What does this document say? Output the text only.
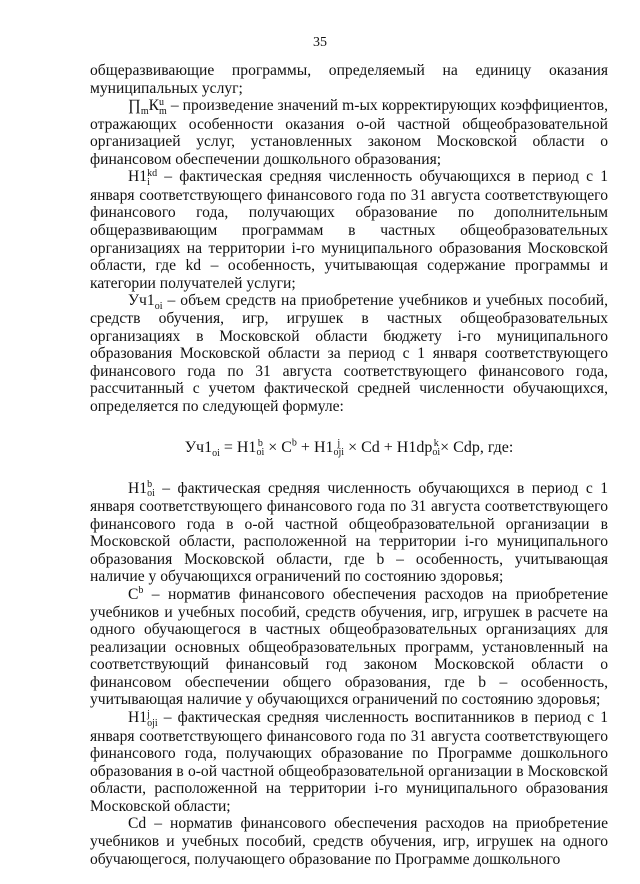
35

общеразвивающие программы, определяемый на единицу оказания муниципальных услуг;

$\prod_mК$ u
m – произведение значений m-ых корректирующих коэффициентов, отражающих особенности оказания о-ой частной общеобразовательной организацией услуг, установленных законом Московской области о финансовом обеспечении дошкольного образования;

Н1 kd
i – фактическая средняя численность обучающихся в период с 1 января соответствующего финансового года по 31 августа соответствующего финансового года, получающих образование по дополнительным общеразвивающим программам в частных общеобразовательных организациях на территории i-го муниципального образования Московской области, где kd – особенность, учитывающая содержание программы и категории получателей услуги;

$Уч1_{oi}$ – объем средств на приобретение учебников и учебных пособий, средств обучения, игр, игрушек в частных общеобразовательных организациях в Московской области бюджету i-го муниципального образования Московской области за период с 1 января соответствующего финансового года по 31 августа соответствующего финансового года, рассчитанный с учетом фактической средней численности обучающихся, определяется по следующей формуле:

$Уч1_{oi} = Н1$ b
oi × $C^b + Н1$ j
oji × Cd + Н1dp k
oi × Cdp, где:

Н1 b
oi – фактическая средняя численность обучающихся в период с 1 января соответствующего финансового года по 31 августа соответствующего финансового года в о-ой частной общеобразовательной организации в Московской области, расположенной на территории i-го муниципального образования Московской области, где b – особенность, учитывающая наличие у обучающихся ограничений по состоянию здоровья;

$C^b$ – норматив финансового обеспечения расходов на приобретение учебников и учебных пособий, средств обучения, игр, игрушек в расчете на одного обучающегося в частных общеобразовательных организациях для реализации основных общеобразовательных программ, установленный на соответствующий финансовый год законом Московской области о финансовом обеспечении общего образования, где b – особенность, учитывающая наличие у обучающихся ограничений по состоянию здоровья;

Н1 j
oji – фактическая средняя численность воспитанников в период с 1 января соответствующего финансового года по 31 августа соответствующего финансового года, получающих образование по Программе дошкольного образования в о-ой частной общеобразовательной организации в Московской области, расположенной на территории i-го муниципального образования Московской области;

Cd – норматив финансового обеспечения расходов на приобретение учебников и учебных пособий, средств обучения, игр, игрушек на одного обучающегося, получающего образование по Программе дошкольного
